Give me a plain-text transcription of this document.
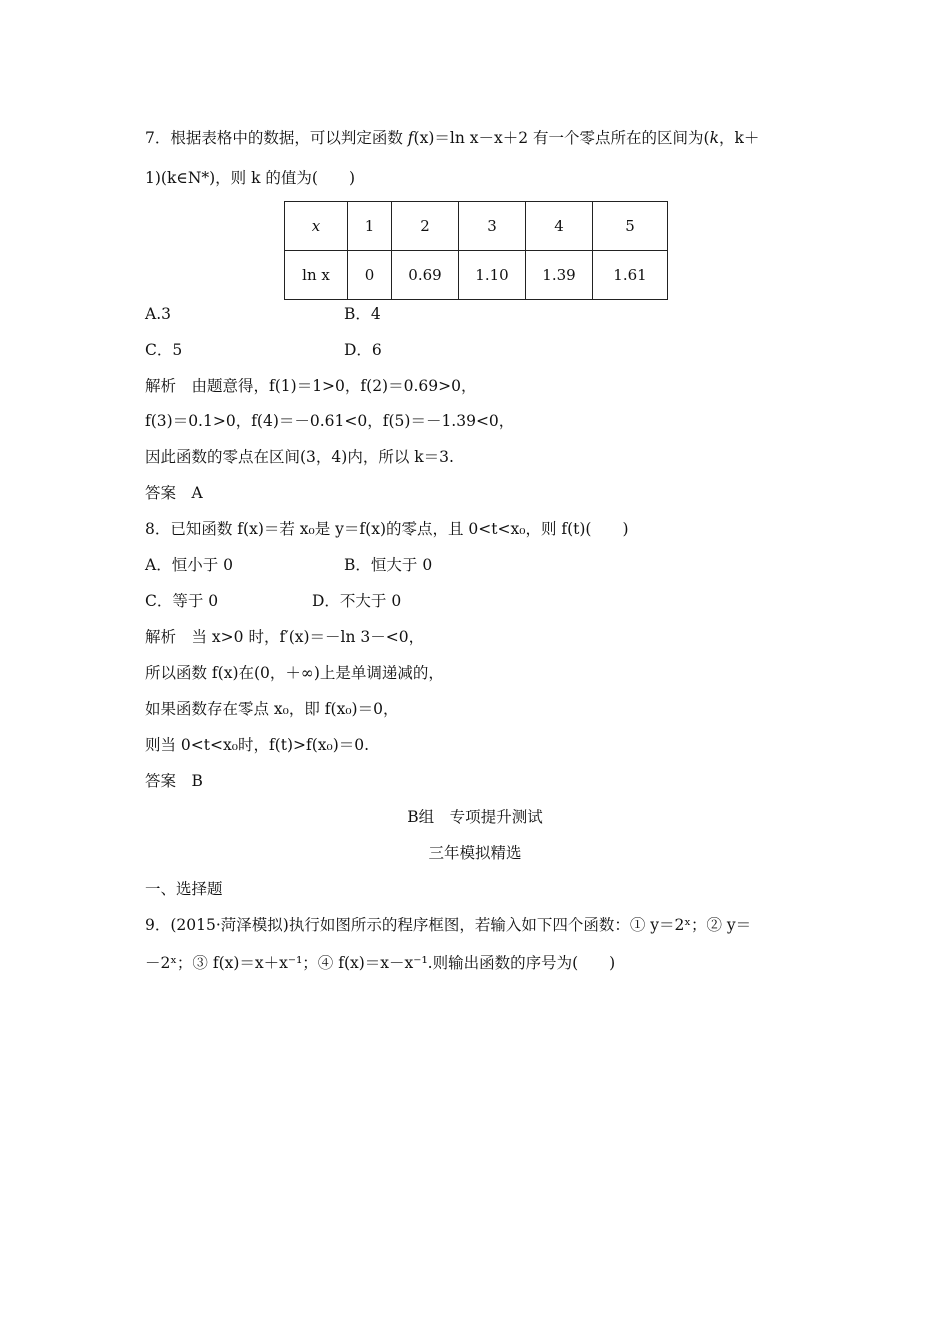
7．根据表格中的数据，可以判定函数 f(x)＝ln x－x＋2 有一个零点所在的区间为(k，k＋
1)(k∈N*)，则 k 的值为(　　)
x	1	2	3	4	5
ln x	0	0.69	1.10	1.39	1.61
A.3	B．4
C．5	D．6
解析　由题意得，f(1)＝1>0，f(2)＝0.69>0，
f(3)＝0.1>0，f(4)＝－0.61<0，f(5)＝－1.39<0，
因此函数的零点在区间(3，4)内，所以 k＝3.
答案　A
8．已知函数 f(x)＝若 x₀是 y＝f(x)的零点，且 0<t<x₀，则 f(t)(　　)
A．恒小于 0	B．恒大于 0
C．等于 0	D．不大于 0
解析　当 x>0 时，f′(x)＝－ln 3－<0，
所以函数 f(x)在(0，＋∞)上是单调递减的，
如果函数存在零点 x₀，即 f(x₀)＝0，
则当 0<t<x₀时，f(t)>f(x₀)＝0.
答案　B
B组　专项提升测试
三年模拟精选
一、选择题
9．(2015·菏泽模拟)执行如图所示的程序框图，若输入如下四个函数：① y＝2ˣ；② y＝
－2ˣ；③ f(x)＝x＋x⁻¹；④ f(x)＝x－x⁻¹.则输出函数的序号为(　　)
